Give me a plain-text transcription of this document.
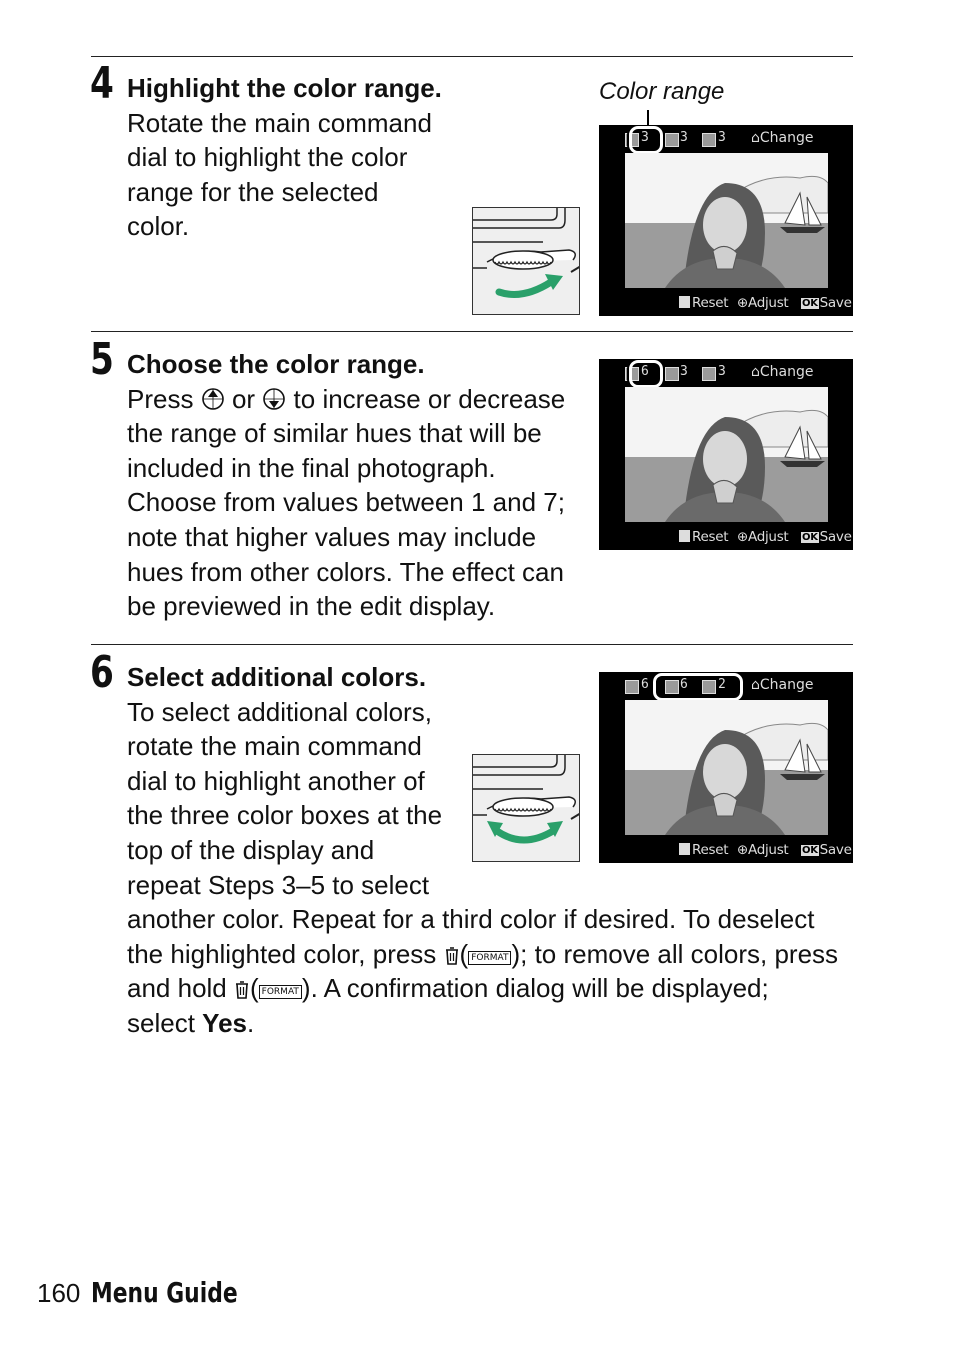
4 Highlight the color range.
Rotate the main command
dial to highlight the color
range for the selected
color.
Color range
3 3 3 ⌂Change
Reset ⊕Adjust OK Save
5 Choose the color range.
Press or to increase or decrease
the range of similar hues that will be
included in the final photograph.
Choose from values between 1 and 7;
note that higher values may include
hues from other colors. The effect can
be previewed in the edit display.
6 3 3 ⌂Change
Reset ⊕Adjust OK Save
6 Select additional colors.
To select additional colors,
rotate the main command
dial to highlight another of
the three color boxes at the
top of the display and
repeat Steps 3–5 to select
another color. Repeat for a third color if desired. To deselect
the highlighted color, press ( FORMAT ); to remove all colors, press
and hold ( FORMAT ). A confirmation dialog will be displayed;
select Yes.
6 6 2 ⌂Change
Reset ⊕Adjust OK Save
160 Menu Guide
